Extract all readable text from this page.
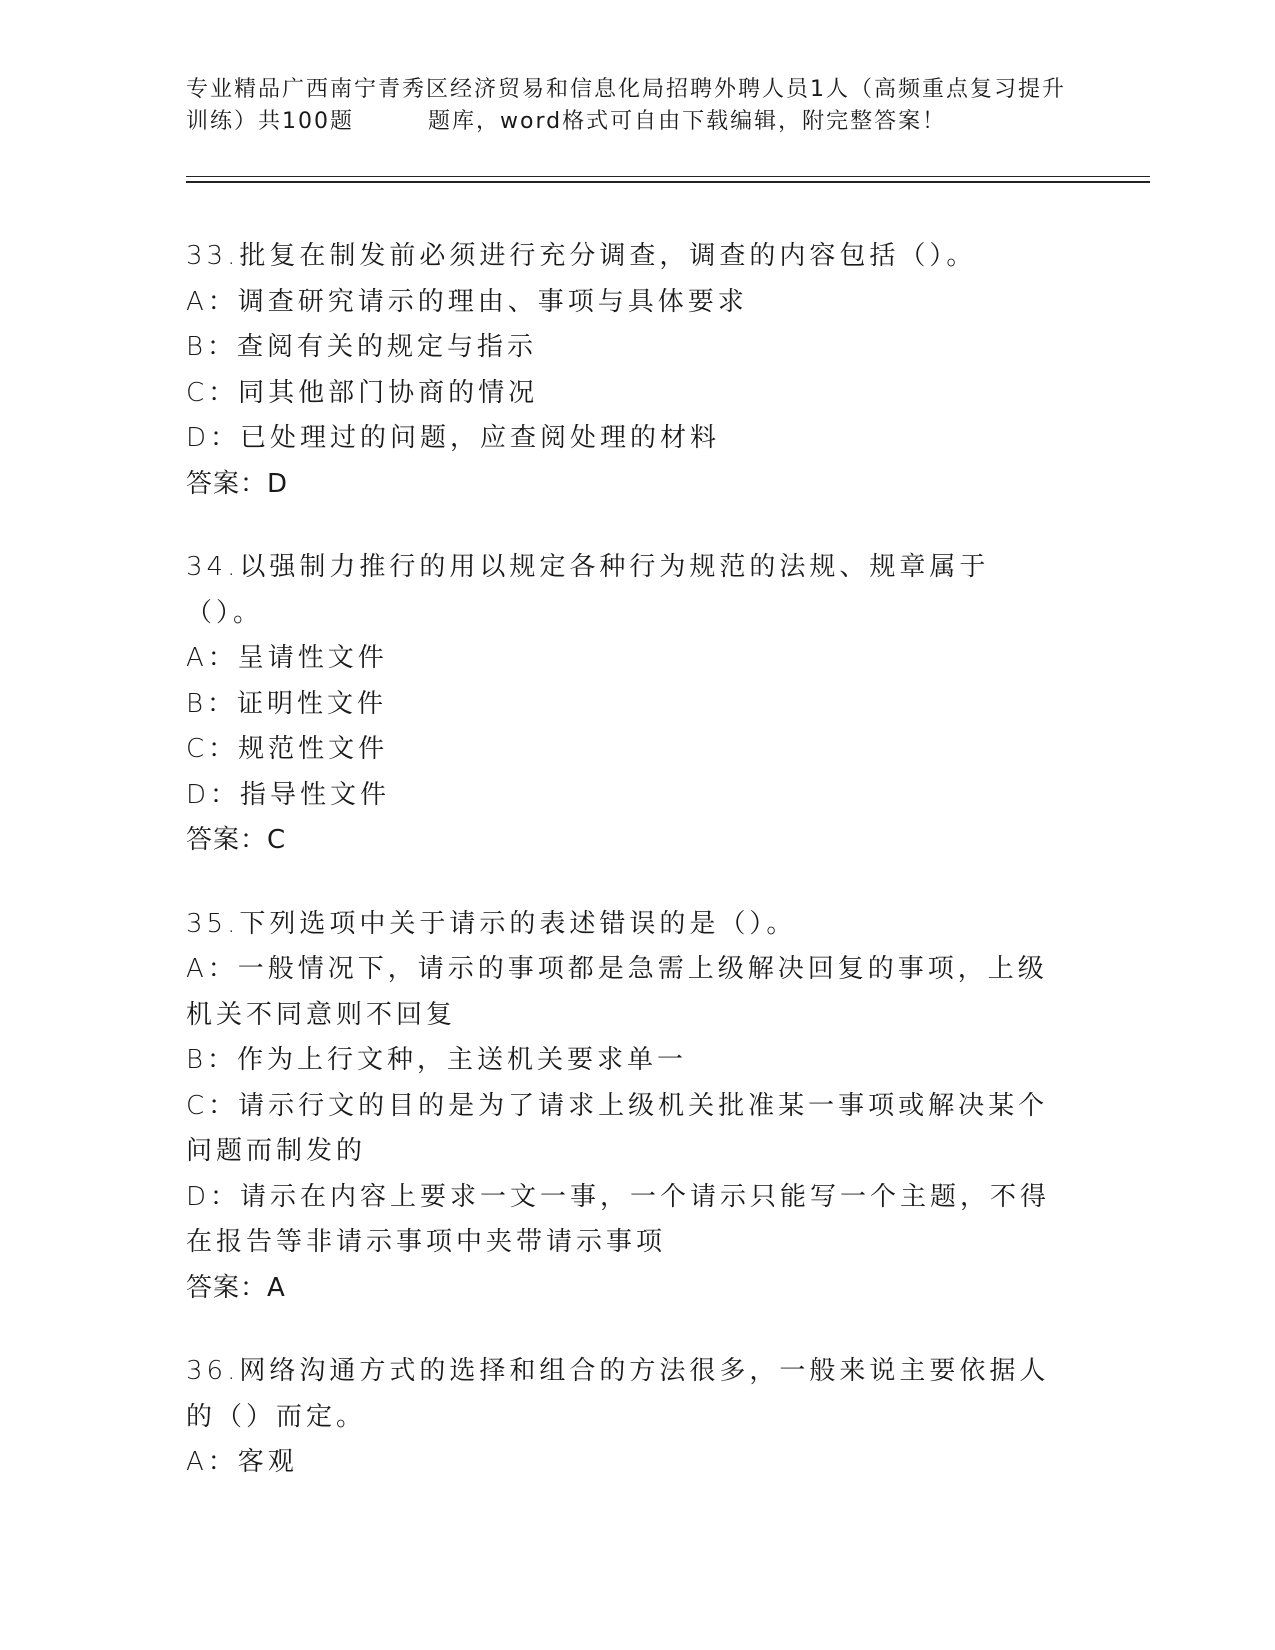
专业精品广西南宁青秀区经济贸易和信息化局招聘外聘人员1人（高频重点复习提升训练）共100题	题库，word格式可自由下载编辑，附完整答案！
33.批复在制发前必须进行充分调查，调查的内容包括（）。
A：调查研究请示的理由、事项与具体要求
B：查阅有关的规定与指示
C：同其他部门协商的情况
D：已处理过的问题，应查阅处理的材料
答案：D
34.以强制力推行的用以规定各种行为规范的法规、规章属于（）。
A：呈请性文件
B：证明性文件
C：规范性文件
D：指导性文件
答案：C
35.下列选项中关于请示的表述错误的是（）。
A：一般情况下，请示的事项都是急需上级解决回复的事项，上级机关不同意则不回复
B：作为上行文种，主送机关要求单一
C：请示行文的目的是为了请求上级机关批准某一事项或解决某个问题而制发的
D：请示在内容上要求一文一事，一个请示只能写一个主题，不得在报告等非请示事项中夹带请示事项
答案：A
36.网络沟通方式的选择和组合的方法很多，一般来说主要依据人的（）而定。
A：客观
